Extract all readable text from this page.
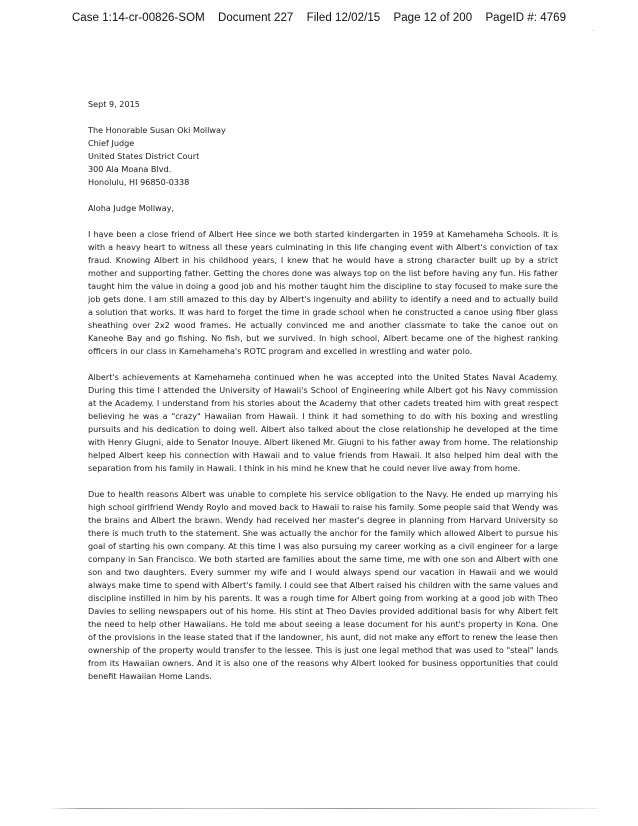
Case 1:14-cr-00826-SOM Document 227 Filed 12/02/15 Page 12 of 200 PageID #: 4769
Sept 9, 2015
The Honorable Susan Oki Mollway
Chief Judge
United States District Court
300 Ala Moana Blvd.
Honolulu, HI 96850-0338
Aloha Judge Mollway,

I have been a close friend of Albert Hee since we both started kindergarten in 1959 at Kamehameha Schools. It is with a heavy heart to witness all these years culminating in this life changing event with Albert's conviction of tax fraud. Knowing Albert in his childhood years, I knew that he would have a strong character built up by a strict mother and supporting father. Getting the chores done was always top on the list before having any fun. His father taught him the value in doing a good job and his mother taught him the discipline to stay focused to make sure the job gets done. I am still amazed to this day by Albert's ingenuity and ability to identify a need and to actually build a solution that works. It was hard to forget the time in grade school when he constructed a canoe using fiber glass sheathing over 2x2 wood frames. He actually convinced me and another classmate to take the canoe out on Kaneohe Bay and go fishing. No fish, but we survived. In high school, Albert became one of the highest ranking officers in our class in Kamehameha's ROTC program and excelled in wrestling and water polo.

Albert's achievements at Kamehameha continued when he was accepted into the United States Naval Academy. During this time I attended the University of Hawaii's School of Engineering while Albert got his Navy commission at the Academy. I understand from his stories about the Academy that other cadets treated him with great respect believing he was a "crazy" Hawaiian from Hawaii. I think it had something to do with his boxing and wrestling pursuits and his dedication to doing well. Albert also talked about the close relationship he developed at the time with Henry Giugni, aide to Senator Inouye. Albert likened Mr. Giugni to his father away from home. The relationship helped Albert keep his connection with Hawaii and to value friends from Hawaii. It also helped him deal with the separation from his family in Hawaii. I think in his mind he knew that he could never live away from home.

Due to health reasons Albert was unable to complete his service obligation to the Navy. He ended up marrying his high school girlfriend Wendy Roylo and moved back to Hawaii to raise his family. Some people said that Wendy was the brains and Albert the brawn. Wendy had received her master's degree in planning from Harvard University so there is much truth to the statement. She was actually the anchor for the family which allowed Albert to pursue his goal of starting his own company. At this time I was also pursuing my career working as a civil engineer for a large company in San Francisco. We both started are families about the same time, me with one son and Albert with one son and two daughters. Every summer my wife and I would always spend our vacation in Hawaii and we would always make time to spend with Albert's family. I could see that Albert raised his children with the same values and discipline instilled in him by his parents. It was a rough time for Albert going from working at a good job with Theo Davies to selling newspapers out of his home. His stint at Theo Davies provided additional basis for why Albert felt the need to help other Hawaiians. He told me about seeing a lease document for his aunt's property in Kona. One of the provisions in the lease stated that if the landowner, his aunt, did not make any effort to renew the lease then ownership of the property would transfer to the lessee. This is just one legal method that was used to "steal" lands from its Hawaiian owners. And it is also one of the reasons why Albert looked for business opportunities that could benefit Hawaiian Home Lands.
